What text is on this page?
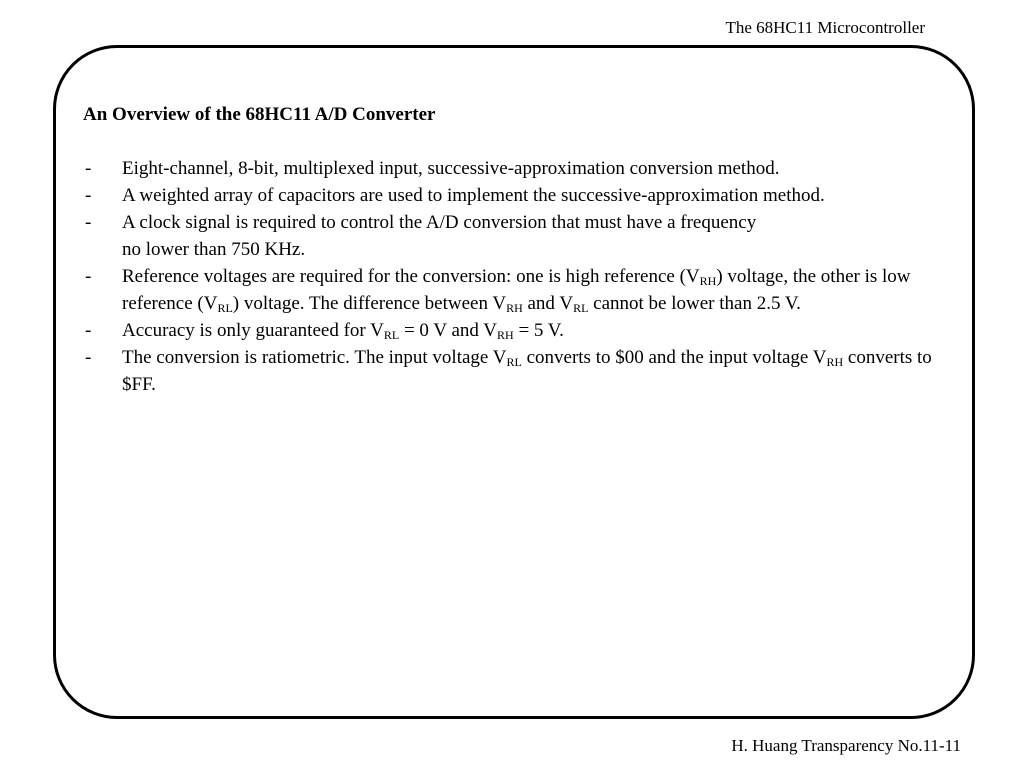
The 68HC11 Microcontroller
An Overview of the 68HC11 A/D Converter
- Eight-channel, 8-bit, multiplexed input, successive-approximation conversion method.
- A weighted array of capacitors are used to implement the successive-approximation method.
- A clock signal is required to control the A/D conversion that must have a frequency
no lower than 750 KHz.
- Reference voltages are required for the conversion: one is high reference $(V_{RH})$ voltage, the other is low reference $(V_{RL})$ voltage. The difference between $V_{RH}$ and $V_{RL}$ cannot be lower than 2.5 V.
- Accuracy is only guaranteed for $V_{RL} = 0$ V and $V_{RH} = 5$ V.
- The conversion is ratiometric. The input voltage $V_{RL}$ converts to $00 and the input voltage $V_{RH}$ converts to $FF.
H. Huang Transparency No.11-11
